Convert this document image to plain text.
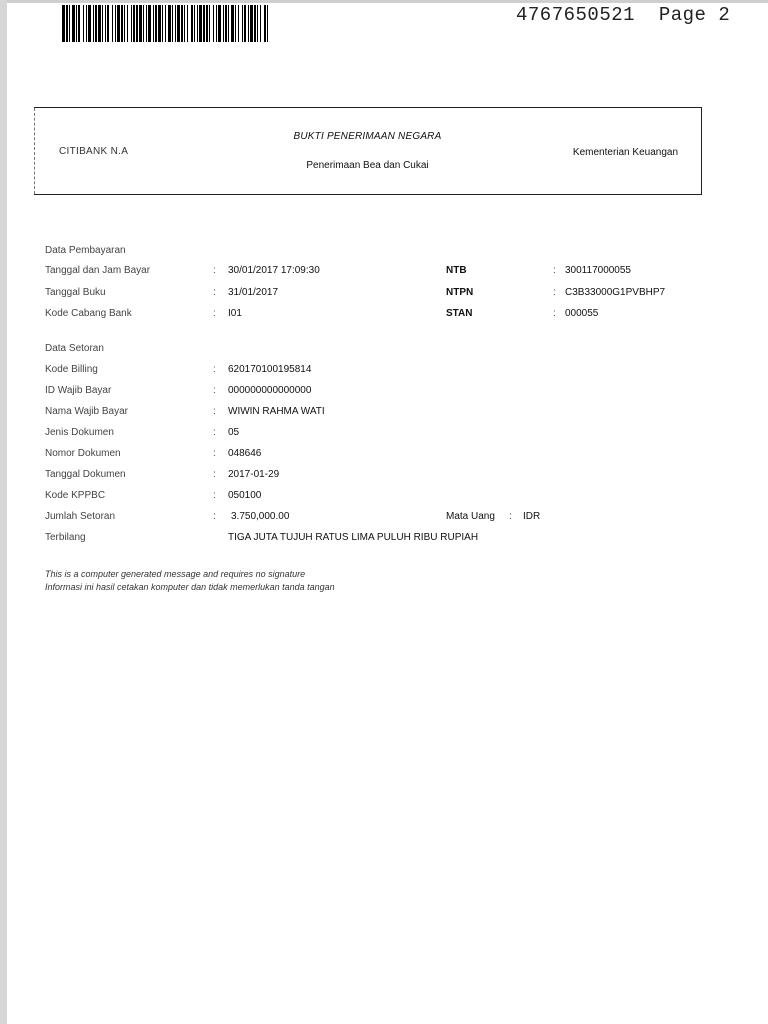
4767650521 Page 2
CITIBANK N.A
BUKTI PENERIMAAN NEGARA
Penerimaan Bea dan Cukai
Kementerian Keuangan
Data Pembayaran
Tanggal dan Jam Bayar	: 30/01/2017 17:09:30	NTB	: 300117000055
Tanggal Buku	: 31/01/2017	NTPN	: C3B33000G1PVBHP7
Kode Cabang Bank	: I01	STAN	: 000055
Data Setoran
Kode Billing	: 620170100195814
ID Wajib Bayar	: 000000000000000
Nama Wajib Bayar	: WIWIN RAHMA WATI
Jenis Dokumen	: 05
Nomor Dokumen	: 048646
Tanggal Dokumen	: 2017-01-29
Kode KPPBC	: 050100
Jumlah Setoran	: 3.750,000.00	Mata Uang : IDR
Terbilang	TIGA JUTA TUJUH RATUS LIMA PULUH RIBU RUPIAH
This is a computer generated message and requires no signature
Informasi ini hasil cetakan komputer dan tidak memerlukan tanda tangan
